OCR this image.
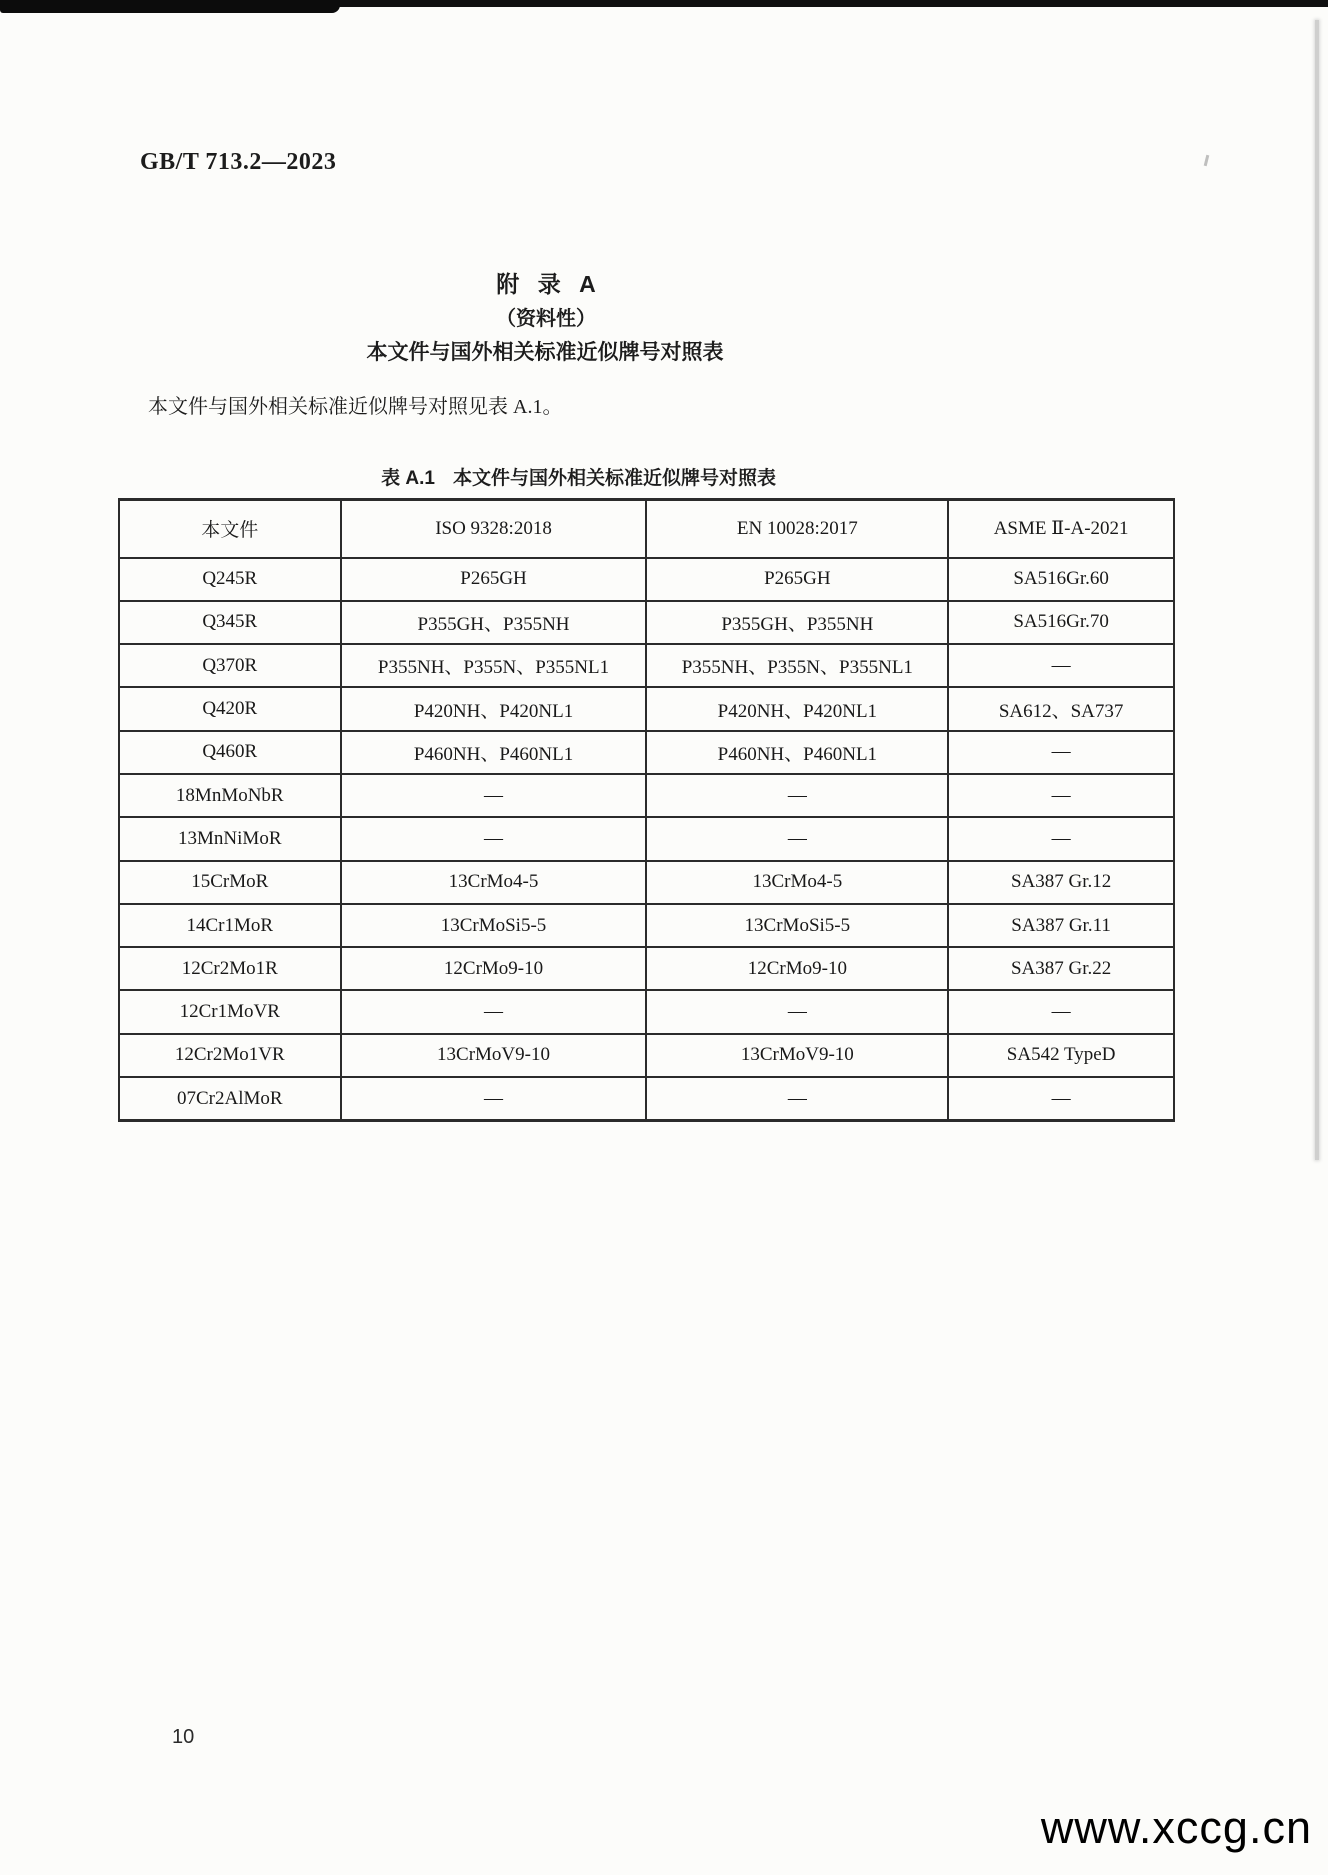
GB/T 713.2—2023
附 录 A
（资料性）
本文件与国外相关标准近似牌号对照表

本文件与国外相关标准近似牌号对照见表 A.1。

表 A.1 本文件与国外相关标准近似牌号对照表

本文件	ISO 9328:2018	EN 10028:2017	ASME Ⅱ-A-2021
Q245R	P265GH	P265GH	SA516Gr.60
Q345R	P355GH、P355NH	P355GH、P355NH	SA516Gr.70
Q370R	P355NH、P355N、P355NL1	P355NH、P355N、P355NL1	—
Q420R	P420NH、P420NL1	P420NH、P420NL1	SA612、SA737
Q460R	P460NH、P460NL1	P460NH、P460NL1	—
18MnMoNbR	—	—	—
13MnNiMoR	—	—	—
15CrMoR	13CrMo4-5	13CrMo4-5	SA387 Gr.12
14Cr1MoR	13CrMoSi5-5	13CrMoSi5-5	SA387 Gr.11
12Cr2Mo1R	12CrMo9-10	12CrMo9-10	SA387 Gr.22
12Cr1MoVR	—	—	—
12Cr2Mo1VR	13CrMoV9-10	13CrMoV9-10	SA542 TypeD
07Cr2AlMoR	—	—	—
10
www.xccg.cn
